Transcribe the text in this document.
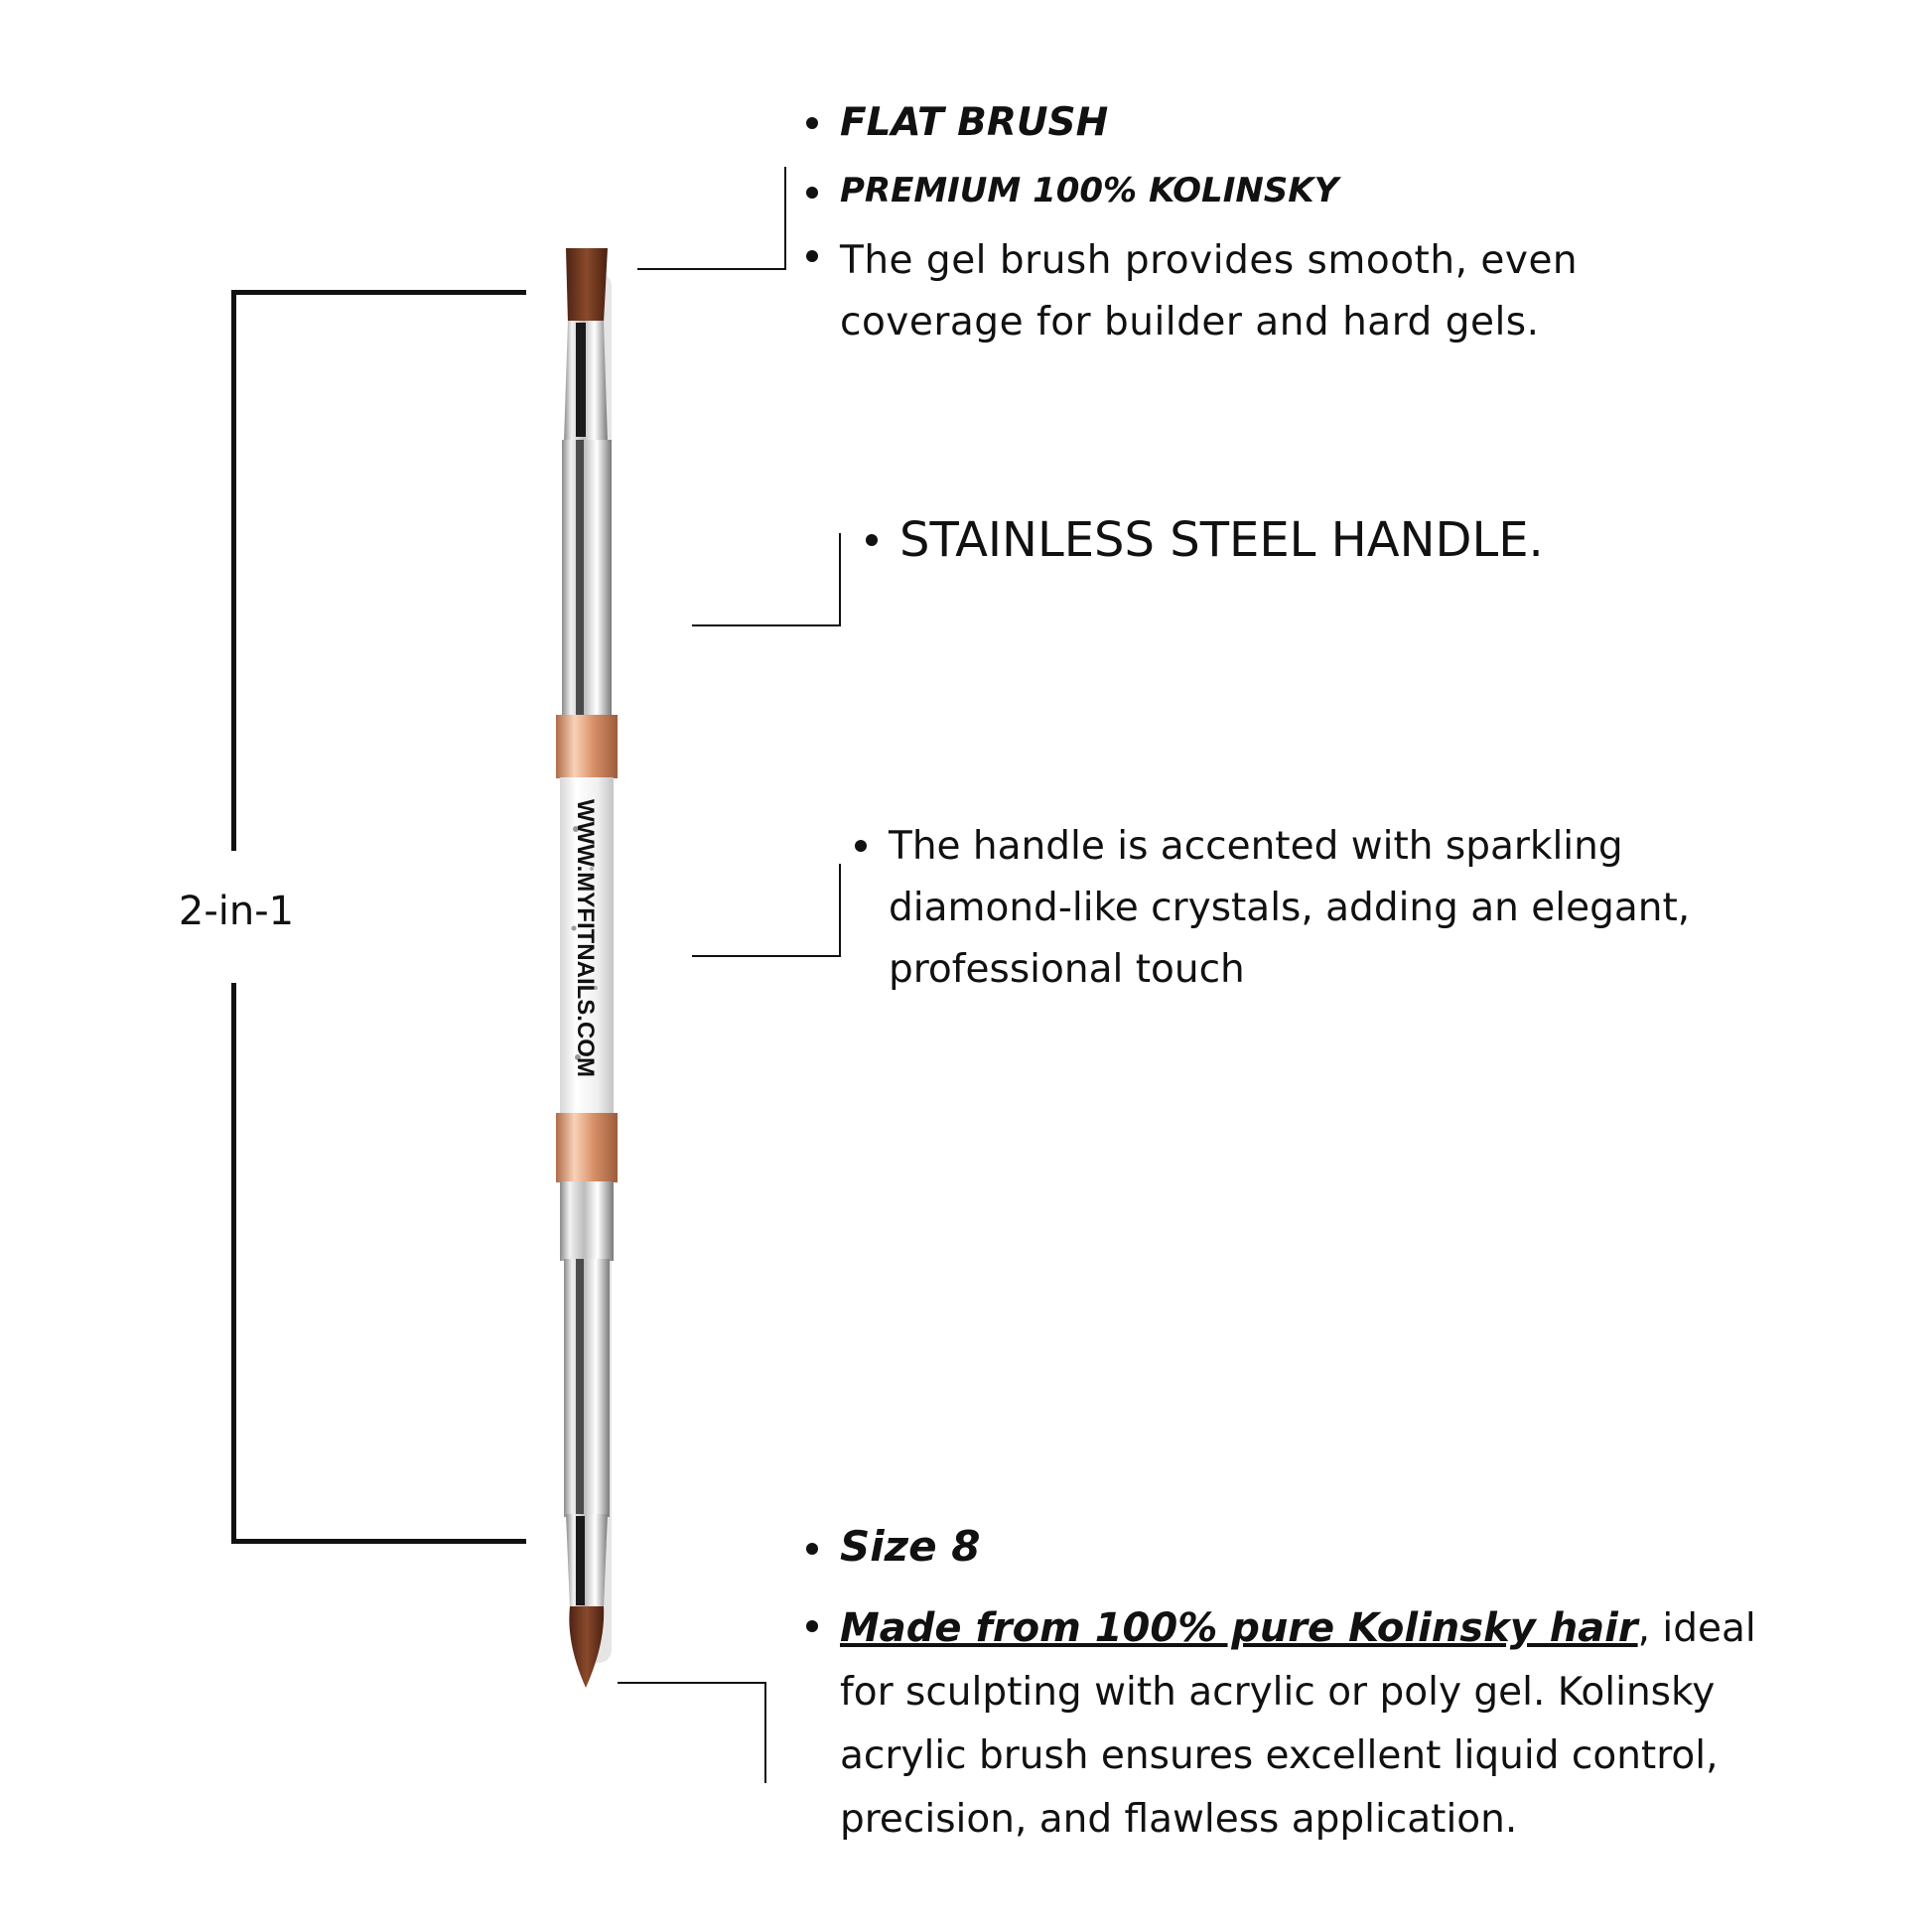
2-in-1	WWW.MYFITNAILS.COM
FLAT BRUSH
PREMIUM 100% KOLINSKY
The gel brush provides smooth, even coverage for builder and hard gels.
STAINLESS STEEL HANDLE.
The handle is accented with sparkling diamond-like crystals, adding an elegant, professional touch
Size 8
Made from 100% pure Kolinsky hair, ideal for sculpting with acrylic or poly gel. Kolinsky acrylic brush ensures excellent liquid control, precision, and flawless application.
